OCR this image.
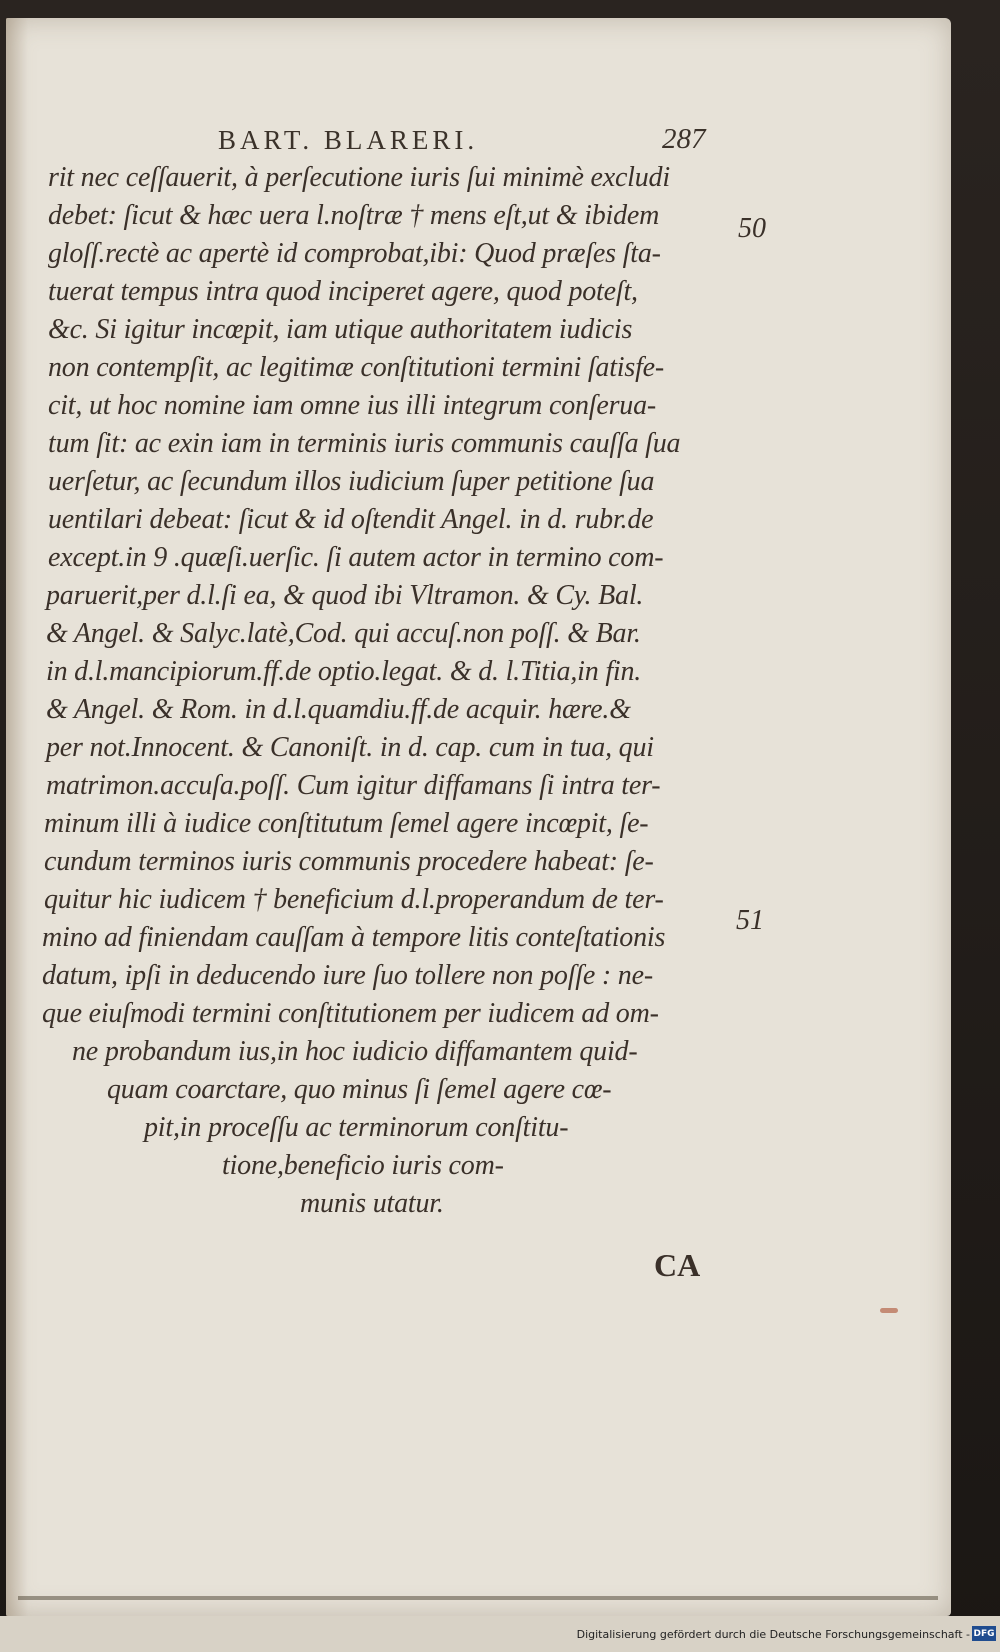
BART. BLARERI.	287
rit nec ceſſauerit, à perſecutione iuris ſui minimè excludi
debet: ſicut & hæc uera l.noſtræ † mens eſt,ut & ibidem
gloſſ.rectè ac apertè id comprobat,ibi: Quod præſes ſta-
tuerat tempus intra quod inciperet agere, quod poteſt,
&c. Si igitur incœpit, iam utique authoritatem iudicis
non contempſit, ac legitimæ conſtitutioni termini ſatisfe-
cit, ut hoc nomine iam omne ius illi integrum conſerua-
tum ſit: ac exin iam in terminis iuris communis cauſſa ſua
uerſetur, ac ſecundum illos iudicium ſuper petitione ſua
uentilari debeat: ſicut & id oſtendit Angel. in d. rubr.de
except.in 9 .quæſi.uerſic. ſi autem actor in termino com-
paruerit,per d.l.ſi ea, & quod ibi Vltramon. & Cy. Bal.
& Angel. & Salyc.latè,Cod. qui accuſ.non poſſ. & Bar.
in d.l.mancipiorum.ff.de optio.legat. & d. l.Titia,in fin.
& Angel. & Rom. in d.l.quamdiu.ff.de acquir. hære.&
per not.Innocent. & Canoniſt. in d. cap. cum in tua, qui
matrimon.accuſa.poſſ. Cum igitur diffamans ſi intra ter-
minum illi à iudice conſtitutum ſemel agere incœpit, ſe-
cundum terminos iuris communis procedere habeat: ſe-
quitur hic iudicem † beneficium d.l.properandum de ter-
mino ad finiendam cauſſam à tempore litis conteſtationis
datum, ipſi in deducendo iure ſuo tollere non poſſe : ne-
que eiuſmodi termini conſtitutionem per iudicem ad om-
ne probandum ius,in hoc iudicio diffamantem quid-
quam coarctare, quo minus ſi ſemel agere cœ-
pit,in proceſſu ac terminorum conſtitu-
tione,beneficio iuris com-
munis utatur.
50
51
CA
Digitalisierung gefördert durch die Deutsche Forschungsgemeinschaft - DFG
